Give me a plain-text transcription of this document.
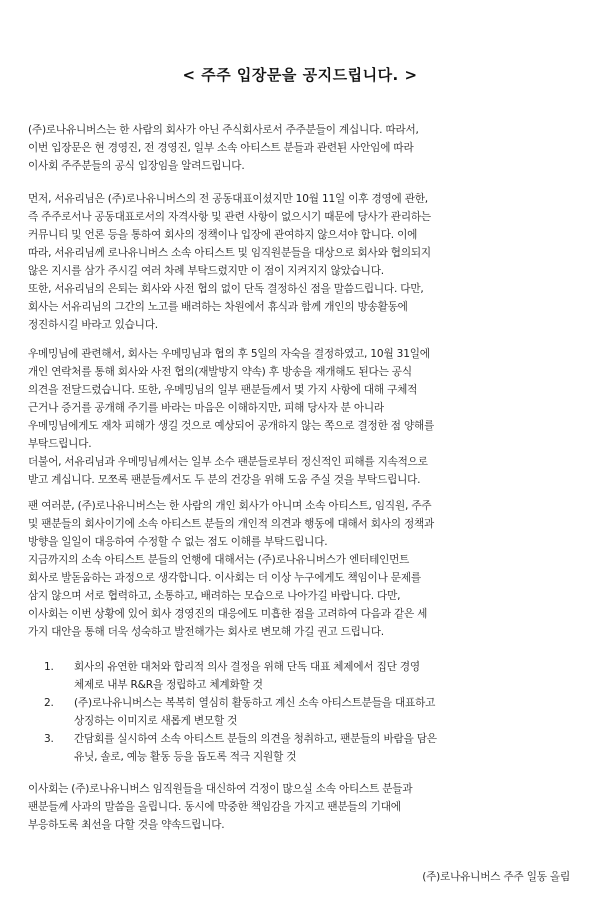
< 주주 입장문을 공지드립니다. >
(주)로나유니버스는 한 사람의 회사가 아닌 주식회사로서 주주분들이 계십니다. 따라서,
이번 입장문은 현 경영진, 전 경영진, 일부 소속 아티스트 분들과 관련된 사안임에 따라
이사회 주주분들의 공식 입장임을 알려드립니다.
먼저, 서유리님은 (주)로나유니버스의 전 공동대표이셨지만 10월 11일 이후 경영에 관한,
즉 주주로서나 공동대표로서의 자격사항 및 관련 사항이 없으시기 때문에 당사가 관리하는
커뮤니티 및 언론 등을 통하여 회사의 정책이나 입장에 관여하지 않으셔야 합니다. 이에
따라, 서유리님께 로나유니버스 소속 아티스트 및 임직원분들을 대상으로 회사와 협의되지
않은 지시를 삼가 주시길 여러 차례 부탁드렸지만 이 점이 지켜지지 않았습니다.
또한, 서유리님의 은퇴는 회사와 사전 협의 없이 단독 결정하신 점을 말씀드립니다. 다만,
회사는 서유리님의 그간의 노고를 배려하는 차원에서 휴식과 함께 개인의 방송활동에
정진하시길 바라고 있습니다.
우메밍님에 관련해서, 회사는 우메밍님과 협의 후 5일의 자숙을 결정하였고, 10월 31일에
개인 연락처를 통해 회사와 사전 협의(재발방지 약속) 후 방송을 재개해도 된다는 공식
의견을 전달드렸습니다. 또한, 우메밍님의 일부 팬분들께서 몇 가지 사항에 대해 구체적
근거나 증거를 공개해 주기를 바라는 마음은 이해하지만, 피해 당사자 분 아니라
우메밍님에게도 재차 피해가 생길 것으로 예상되어 공개하지 않는 쪽으로 결정한 점 양해를
부탁드립니다.
더불어, 서유리님과 우메밍님께서는 일부 소수 팬분들로부터 정신적인 피해를 지속적으로
받고 계십니다. 모쪼록 팬분들께서도 두 분의 건강을 위해 도움 주실 것을 부탁드립니다.
팬 여러분, (주)로나유니버스는 한 사람의 개인 회사가 아니며 소속 아티스트, 임직원, 주주
및 팬분들의 회사이기에 소속 아티스트 분들의 개인적 의견과 행동에 대해서 회사의 정책과
방향을 일일이 대응하여 수정할 수 없는 점도 이해를 부탁드립니다.
지금까지의 소속 아티스트 분들의 언행에 대해서는 (주)로나유니버스가 엔터테인먼트
회사로 발돋움하는 과정으로 생각합니다. 이사회는 더 이상 누구에게도 책임이나 문제를
삼지 않으며 서로 협력하고, 소통하고, 배려하는 모습으로 나아가길 바랍니다. 다만,
이사회는 이번 상황에 있어 회사 경영진의 대응에도 미흡한 점을 고려하여 다음과 같은 세
가지 대안을 통해 더욱 성숙하고 발전해가는 회사로 변모해 가길 권고 드립니다.
1. 회사의 유연한 대처와 합리적 의사 결정을 위해 단독 대표 체제에서 집단 경영
체제로 내부 R&R을 정립하고 체계화할 것
2. (주)로나유니버스는 복복히 열심히 활동하고 계신 소속 아티스트분들을 대표하고
상징하는 이미지로 새롭게 변모할 것
3. 간담회를 실시하여 소속 아티스트 분들의 의견을 청취하고, 팬분들의 바람을 담은
유닛, 솔로, 예능 활동 등을 돕도록 적극 지원할 것
이사회는 (주)로나유니버스 임직원들을 대신하여 걱정이 많으실 소속 아티스트 분들과
팬분들께 사과의 말씀을 올립니다. 동시에 막중한 책임감을 가지고 팬분들의 기대에
부응하도록 최선을 다할 것을 약속드립니다.
(주)로나유니버스 주주 일동 올림
